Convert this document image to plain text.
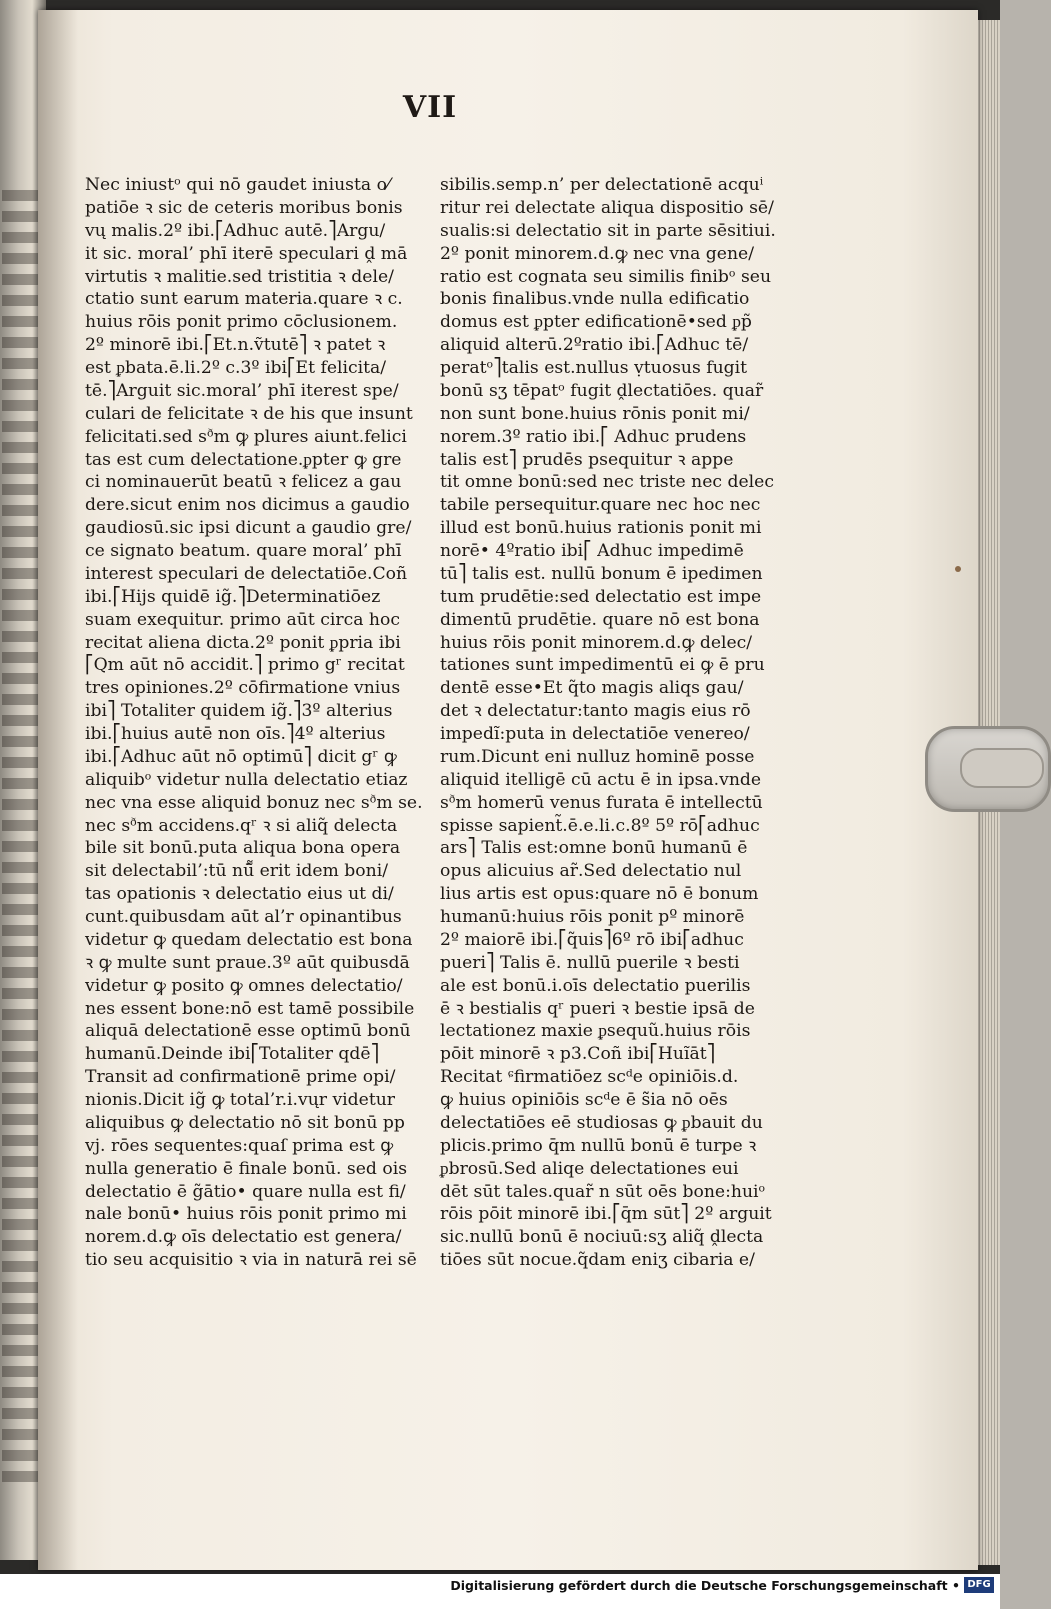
VII
Nec iniustᵒ qui nō gaudet iniusta o⁄
patiōe ꝛ sic de ceteris moribus bonis
vų malis.2º ibi.⎡Adhuc autē.⎤Argu/
it sic. moral’ phī iterē speculari ḓ mā
virtutis ꝛ malitie.sed tristitia ꝛ dele/
ctatio sunt earum materia.quare ꝛ c.
huius rōis ponit primo cōclusionem.
2º minorē ibi.⎡Et.n.ṽtutē⎤ ꝛ patet ꝛ
est ᵱbata.ē.li.2º c.3º ibi⎡Et felicita/
tē.⎤Arguit sic.moral’ phī iterest spe/
culari de felicitate ꝛ de his que insunt
felicitati.sed sᶞm ꝙ plures aiunt.felici
tas est cum delectatione.ᵱpter ꝙ gre
ci nominauerūt beatū ꝛ felicez a gau
dere.sicut enim nos dicimus a gaudio
gaudiosū.sic ipsi dicunt a gaudio gre/
ce signato beatum. quare moral’ phī
interest speculari de delectatiōe.Coñ
ibi.⎡Hijs quidē ig̃.⎤Determinatiōez
suam exequitur. primo aūt circa hoc
recitat aliena dicta.2º ponit ᵱpria ibi
⎡Qm aūt nō accidit.⎤ primo gʳ recitat
tres opiniones.2º cōfirmatione vnius
ibi⎤ Totaliter quidem ig̃.⎤3º alterius
ibi.⎡huius autē non oīs.⎤4º alterius
ibi.⎡Adhuc aūt nō optimū⎤ dicit gʳ ꝙ
aliquibᵒ videtur nulla delectatio etiaz
nec vna esse aliquid bonuz nec sᶞm se.
nec sᶞm accidens.qʳ ꝛ si aliq̃ delecta
bile sit bonū.puta aliqua bona opera
sit delectabil’:tū nū̃̃ erit idem boni/
tas opationis ꝛ delectatio eius ut di/
cunt.quibusdam aūt al’r opinantibus
videtur ꝙ quedam delectatio est bona
ꝛ ꝙ multe sunt praue.3º aūt quibusdā
videtur ꝙ posito ꝙ omnes delectatio/
nes essent bone:nō est tamē possibile
aliquā delectationē esse optimū bonū
humanū.Deinde ibi⎡Totaliter qdē⎤
Transit ad confirmationē prime opi/
nionis.Dicit ig̃ ꝙ total’r.i.vųr videtur
aliquibus ꝙ delectatio nō sit bonū pp
vj. rōes sequentes:quaſ prima est ꝙ
nulla generatio ē finale bonū. sed ois
delectatio ē g̃ātio• quare nulla est fi/
nale bonū• huius rōis ponit primo mi
norem.d.ꝙ oīs delectatio est genera/
tio seu acquisitio ꝛ via in naturā rei sē
sibilis.semp.n’ per delectationē acquⁱ
ritur rei delectate aliqua dispositio sē/
sualis:si delectatio sit in parte sēsitiui.
2º ponit minorem.d.ꝙ nec vna gene/
ratio est cognata seu similis finibᵒ seu
bonis finalibus.vnde nulla edificatio
domus est ᵱpter edificationē•sed ᵱp̃
aliquid alterū.2ºratio ibi.⎡Adhuc tē/
peratᵒ⎤talis est.nullus ṿtuosus fugit
bonū sʒ tēpatᵒ fugit ḓlectatiōes. quar̃
non sunt bone.huius rōnis ponit mi/
norem.3º ratio ibi.⎡ Adhuc prudens
talis est⎤ prudēs psequitur ꝛ appe
tit omne bonū:sed nec triste nec delec
tabile persequitur.quare nec hoc nec
illud est bonū.huius rationis ponit mi
norē• 4ºratio ibi⎡ Adhuc impedimē
tū⎤ talis est. nullū bonum ē ipedimen
tum prudētie:sed delectatio est impe
dimentū prudētie. quare nō est bona
huius rōis ponit minorem.d.ꝙ delec/
tationes sunt impedimentū ei ꝙ ē pru
dentē esse•Et q̃to magis aliqs gau/
det ꝛ delectatur:tanto magis eius rō
impedĩ:puta in delectatiōe venereo/
rum.Dicunt eni nulluz hominē posse
aliquid itelligē cū actu ē in ipsa.vnde
sᶞm homerū venus furata ē intellectū
spisse sapient̃.ē.e.li.c.8º 5º rō⎡adhuc
ars⎤ Talis est:omne bonū humanū ē
opus alicuius ar̃.Sed delectatio nul
lius artis est opus:quare nō ē bonum
humanū:huius rōis ponit pº minorē
2º maiorē ibi.⎡q̃uis⎤6º rō ibi⎡adhuc
pueri⎤ Talis ē. nullū puerile ꝛ besti
ale est bonū.i.oīs delectatio puerilis
ē ꝛ bestialis qʳ pueri ꝛ bestie ipsā de
lectationez maxie ᵱsequũ.huius rōis
pōit minorē ꝛ p3.Coñ ibi⎡Huĩāt⎤
Recitat ᶝfirmatiōez scᵈe opiniōis.d.
ꝙ huius opiniōis scᵈe ē s̃̃ia nō oēs
delectatiōes eē studiosas ꝙ ᵱbauit du
plicis.primo q̄m nullū bonū ē turpe ꝛ
ᵱbrosū.Sed aliqe delectationes eui
dēt sūt tales.quar̃ n sūt oēs bone:huiᵒ
rōis pōit minorē ibi.⎡q̄m sūt⎤ 2º arguit
sic.nullū bonū ē nociuū:sʒ aliq̃ ḓlecta
tiōes sūt nocue.q̃dam eniʒ cibaria e/
Digitalisierung gefördert durch die Deutsche Forschungsgemeinschaft • DFG
